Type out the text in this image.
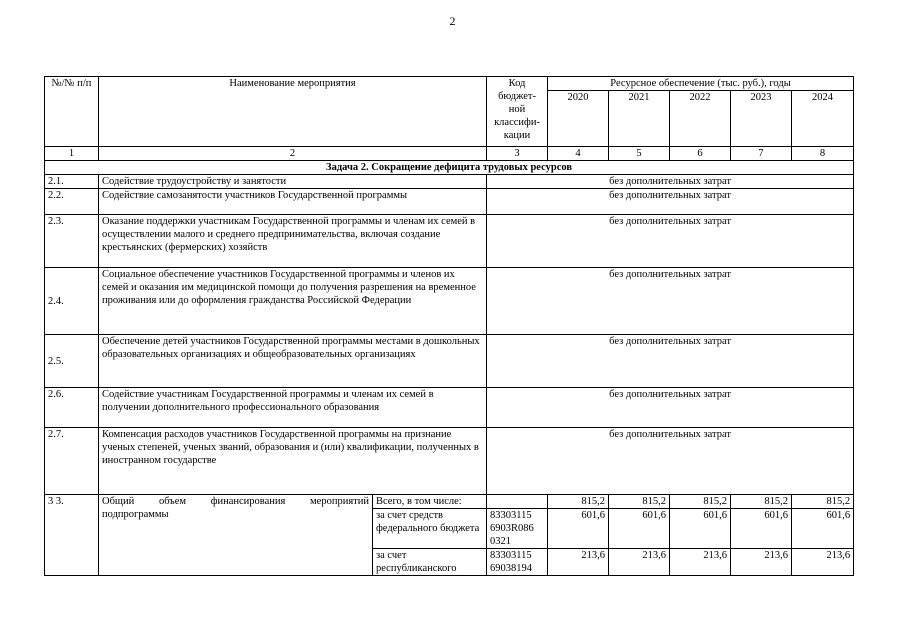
2
№/№ п/п	Наименование мероприятия		Код бюджет-ной классифи-кации	Ресурсное обеспечение (тыс. руб.), годы				
				2020	2021	2022	2023	2024
1	2		3	4	5	6	7	8
Задача 2. Сокращение дефицита трудовых ресурсов								
2.1.	Содействие трудоустройству и занятости		без дополнительных затрат					
2.2.	Содействие самозанятости участников Государственной программы		без дополнительных затрат					
2.3.	Оказание поддержки участникам Государственной программы и членам их семей в осуществлении малого и среднего предпринимательства, включая создание крестьянских (фермерских) хозяйств		без дополнительных затрат					
2.4.	Социальное обеспечение участников Государственной программы и членов их семей и оказания им медицинской помощи до получения разрешения на временное проживания или до оформления гражданства Российской Федерации		без дополнительных затрат					
2.5.	Обеспечение детей участников Государственной программы местами в дошкольных образовательных организациях и общеобразовательных организациях		без дополнительных затрат					
2.6.	Содействие участникам Государственной программы и членам их семей в получении дополнительного профессионального образования		без дополнительных затрат					
2.7.	Компенсация расходов участников Государственной программы на признание ученых степеней, ученых званий, образования и (или) квалификации, полученных в иностранном государстве		без дополнительных затрат					
3 3.	Общий объем финансирования мероприятий подпрограммы	Всего, в том числе:		815,2	815,2	815,2	815,2	815,2
		за счет средств федерального бюджета	83303115 6903R086 0321	601,6	601,6	601,6	601,6	601,6
		за счет республиканского	83303115 69038194	213,6	213,6	213,6	213,6	213,6
